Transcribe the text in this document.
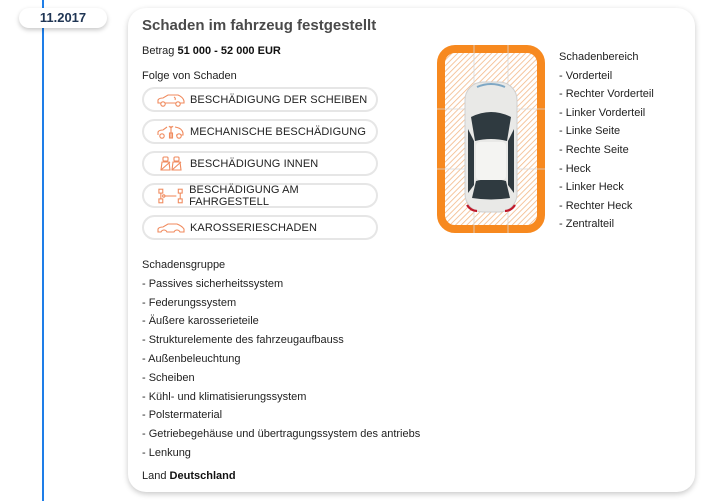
11.2017	Schaden im fahrzeug festgestellt
Betrag 51 000 - 52 000 EUR
Folge von Schaden
BESCHÄDIGUNG DER SCHEIBEN
MECHANISCHE BESCHÄDIGUNG
BESCHÄDIGUNG INNEN
BESCHÄDIGUNG AM FAHRGESTELL
KAROSSERIESCHADEN
Schadenbereich
- Vorderteil
- Rechter Vorderteil
- Linker Vorderteil
- Linke Seite
- Rechte Seite
- Heck
- Linker Heck
- Rechter Heck
- Zentralteil
Schadensgruppe
- Passives sicherheitssystem
- Federungssystem
- Äußere karosserieteile
- Strukturelemente des fahrzeugaufbauss
- Außenbeleuchtung
- Scheiben
- Kühl- und klimatisierungssystem
- Polstermaterial
- Getriebegehäuse und übertragungssystem des antriebs
- Lenkung
Land Deutschland
